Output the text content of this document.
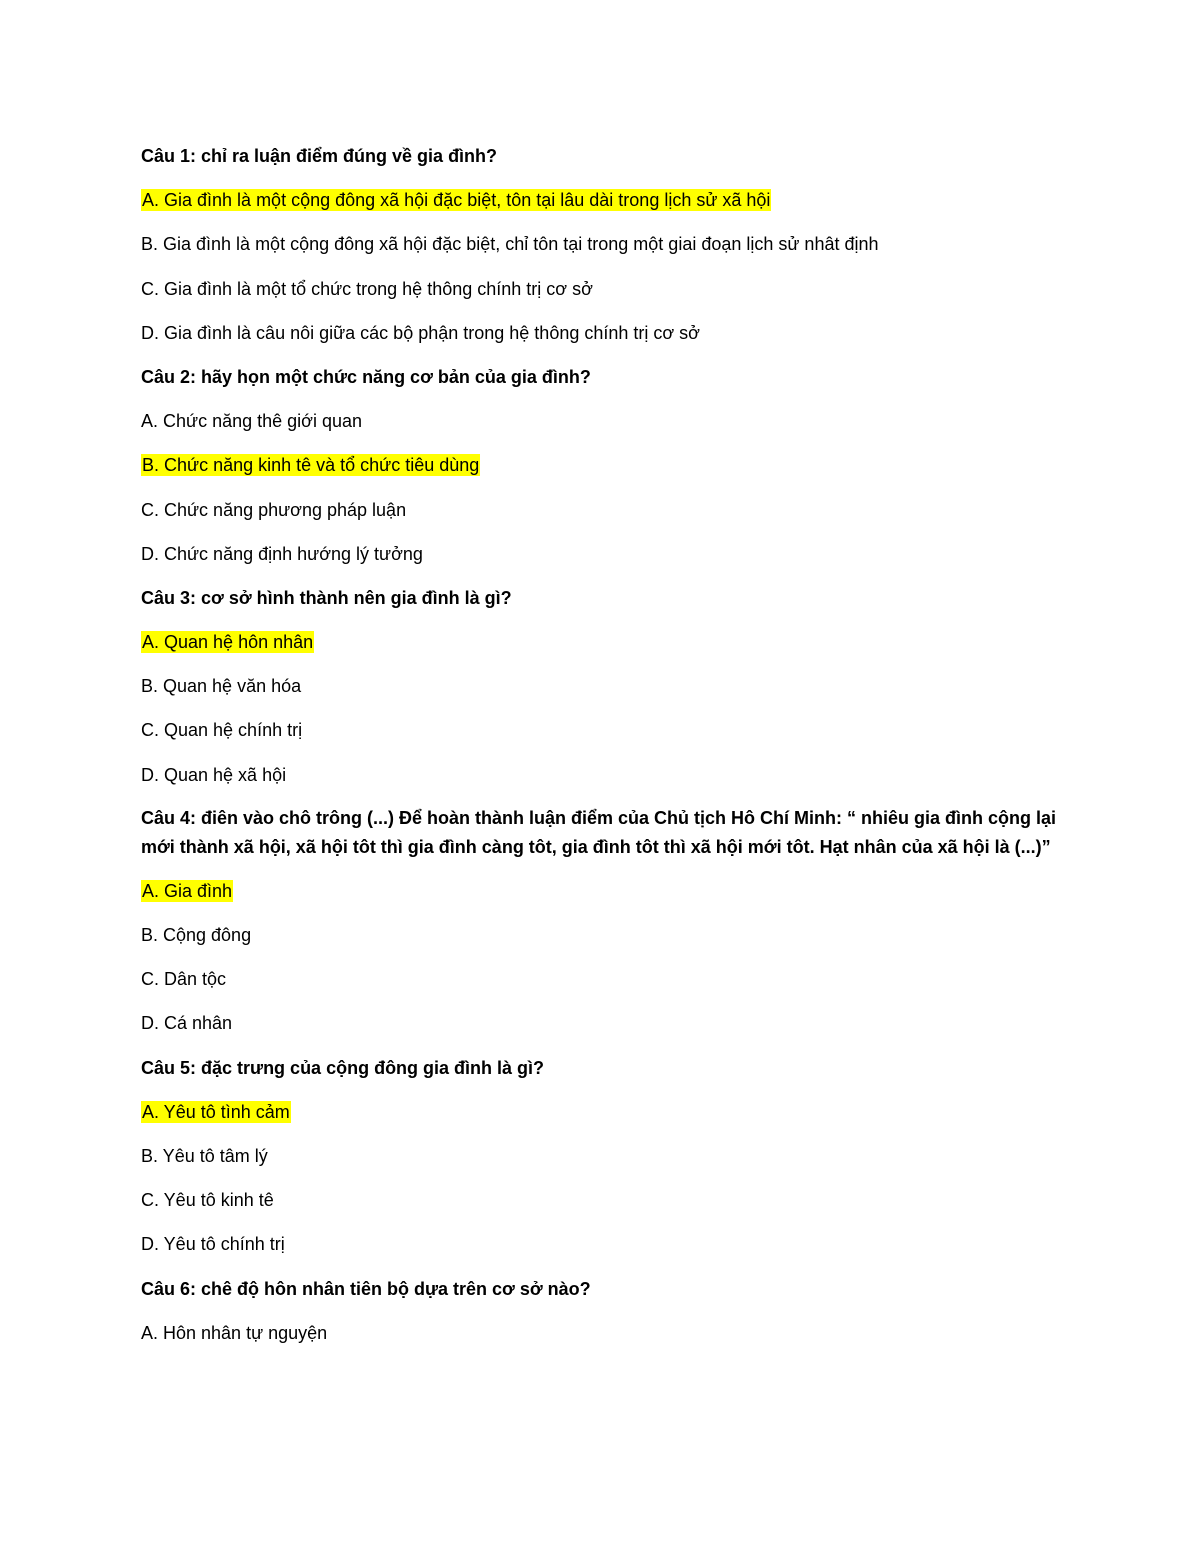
Câu 1: chỉ ra luận điểm đúng về gia đình?
A. Gia đình là một cộng đông xã hội đặc biệt, tôn tại lâu dài trong lịch sử xã hội
B. Gia đình là một cộng đông xã hội đặc biệt, chỉ tôn tại trong một giai đoạn lịch sử nhât định
C. Gia đình là một tổ chức trong hệ thông chính trị cơ sở
D. Gia đình là câu nôi giữa các bộ phận trong hệ thông chính trị cơ sở
Câu 2: hãy họn một chức năng cơ bản của gia đình?
A. Chức năng thê giới quan
B. Chức năng kinh tê và tổ chức tiêu dùng
C. Chức năng phương pháp luận
D. Chức năng định hướng lý tưởng
Câu 3: cơ sở hình thành nên gia đình là gì?
A. Quan hệ hôn nhân
B. Quan hệ văn hóa
C. Quan hệ chính trị
D. Quan hệ xã hội
Câu 4: điên vào chô trông (...) Để hoàn thành luận điểm của Chủ tịch Hô Chí Minh: “ nhiêu gia đình cộng lại mới thành xã hội, xã hội tôt thì gia đình càng tôt, gia đình tôt thì xã hội mới tôt. Hạt nhân của xã hội là (...)”
A. Gia đình
B. Cộng đông
C. Dân tộc
D. Cá nhân
Câu 5: đặc trưng của cộng đông gia đình là gì?
A. Yêu tô tình cảm
B. Yêu tô tâm lý
C. Yêu tô kinh tê
D. Yêu tô chính trị
Câu 6: chê độ hôn nhân tiên bộ dựa trên cơ sở nào?
A. Hôn nhân tự nguyện
